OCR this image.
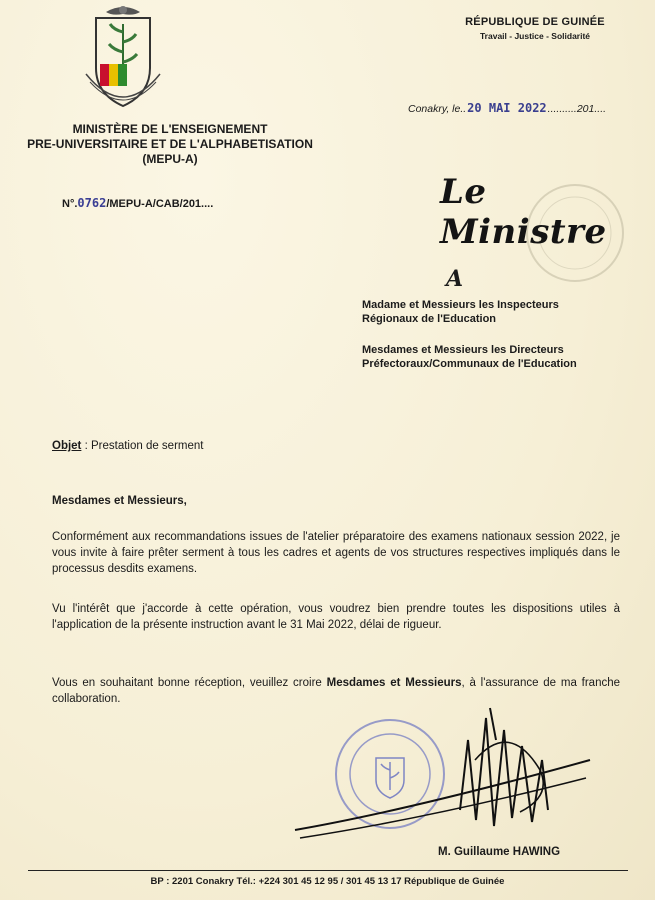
RÉPUBLIQUE DE GUINÉE
Travail - Justice - Solidarité
Conakry, le..20 MAI 2022..........201....
MINISTÈRE DE L'ENSEIGNEMENT
PRE-UNIVERSITAIRE ET DE L'ALPHABETISATION
(MEPU-A)
N°.0762/MEPU-A/CAB/201....	Le Ministre
A
Madame et Messieurs les Inspecteurs
Régionaux de l'Education
Mesdames et Messieurs les Directeurs
Préfectoraux/Communaux de l'Education
Objet : Prestation de serment
Mesdames et Messieurs,
Conformément aux recommandations issues de l'atelier préparatoire des examens nationaux session 2022, je vous invite à faire prêter serment à tous les cadres et agents de vos structures respectives impliqués dans le processus desdits examens.
Vu l'intérêt que j'accorde à cette opération, vous voudrez bien prendre toutes les dispositions utiles à l'application de la présente instruction avant le 31 Mai 2022, délai de rigueur.
Vous en souhaitant bonne réception, veuillez croire Mesdames et Messieurs, à l'assurance de ma franche collaboration.
M. Guillaume HAWING
BP : 2201 Conakry Tél.: +224 301 45 12 95 / 301 45 13 17 République de Guinée
